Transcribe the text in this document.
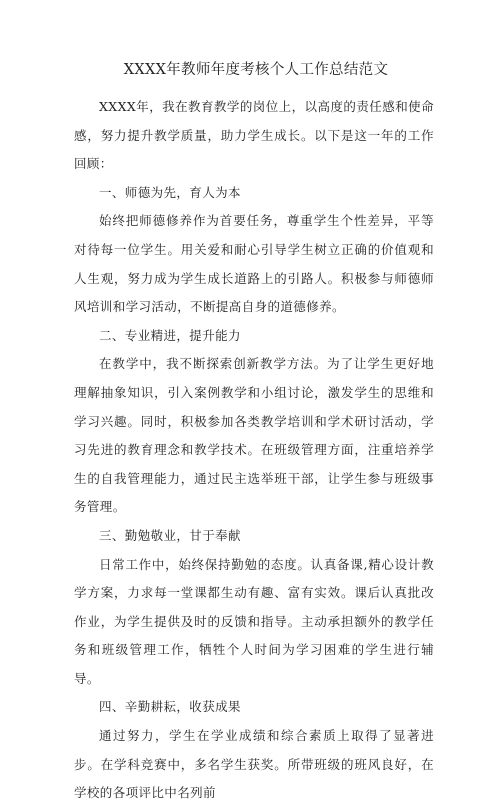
XXXX年教师年度考核个人工作总结范文

XXXX年，我在教育教学的岗位上，以高度的责任感和使命感，努力提升教学质量，助力学生成长。以下是这一年的工作回顾：

一、师德为先，育人为本

始终把师德修养作为首要任务，尊重学生个性差异，平等对待每一位学生。用关爱和耐心引导学生树立正确的价值观和人生观，努力成为学生成长道路上的引路人。积极参与师德师风培训和学习活动，不断提高自身的道德修养。

二、专业精进，提升能力

在教学中，我不断探索创新教学方法。为了让学生更好地理解抽象知识，引入案例教学和小组讨论，激发学生的思维和学习兴趣。同时，积极参加各类教学培训和学术研讨活动，学习先进的教育理念和教学技术。在班级管理方面，注重培养学生的自我管理能力，通过民主选举班干部，让学生参与班级事务管理。

三、勤勉敬业，甘于奉献

日常工作中，始终保持勤勉的态度。认真备课,精心设计教学方案，力求每一堂课都生动有趣、富有实效。课后认真批改作业，为学生提供及时的反馈和指导。主动承担额外的教学任务和班级管理工作，牺牲个人时间为学习困难的学生进行辅导。

四、辛勤耕耘，收获成果

通过努力，学生在学业成绩和综合素质上取得了显著进步。在学科竞赛中，多名学生获奖。所带班级的班风良好，在学校的各项评比中名列前
